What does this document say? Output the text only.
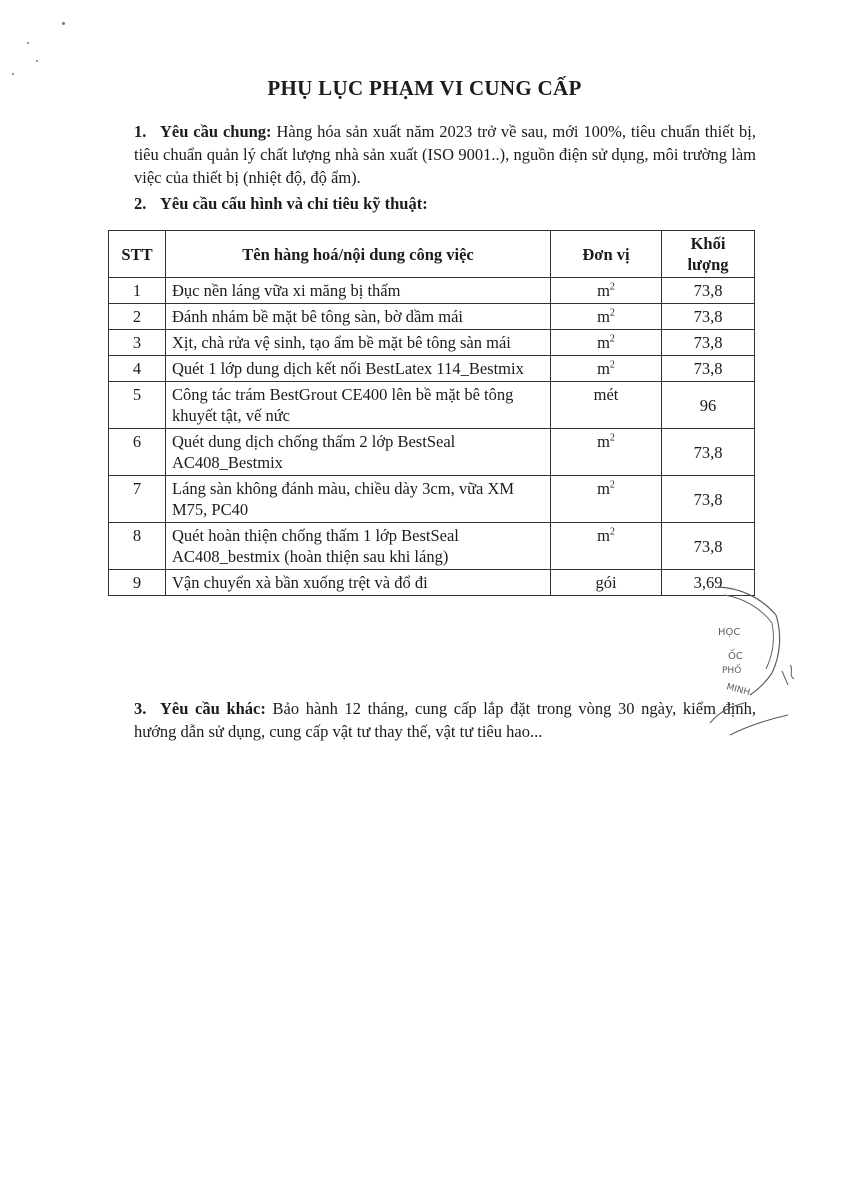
PHỤ LỤC PHẠM VI CUNG CẤP
1. Yêu cầu chung: Hàng hóa sản xuất năm 2023 trở về sau, mới 100%, tiêu chuẩn thiết bị, tiêu chuẩn quản lý chất lượng nhà sản xuất (ISO 9001..), nguồn điện sử dụng, môi trường làm việc của thiết bị (nhiệt độ, độ ẩm).
2. Yêu cầu cấu hình và chỉ tiêu kỹ thuật:
STT	Tên hàng hoá/nội dung công việc	Đơn vị	Khối lượng
1	Đục nền láng vữa xi măng bị thấm	$m^2$	73,8
2	Đánh nhám bề mặt bê tông sàn, bờ dầm mái	$m^2$	73,8
3	Xịt, chà rửa vệ sinh, tạo ẩm bề mặt bê tông sàn mái	$m^2$	73,8
4	Quét 1 lớp dung dịch kết nối BestLatex 114_Bestmix	$m^2$	73,8
5	Công tác trám BestGrout CE400 lên bề mặt bê tông khuyết tật, vế nức	mét	96
6	Quét dung dịch chống thấm 2 lớp BestSeal AC408_Bestmix	$m^2$	73,8
7	Láng sàn không đánh màu, chiều dày 3cm, vữa XM M75, PC40	$m^2$	73,8
8	Quét hoàn thiện chống thấm 1 lớp BestSeal AC408_bestmix (hoàn thiện sau khi láng)	$m^2$	73,8
9	Vận chuyển xà bần xuống trệt và đổ đi	gói	3,69
3. Yêu cầu khác: Bảo hành 12 tháng, cung cấp lắp đặt trong vòng 30 ngày, kiểm định, hướng dẫn sử dụng, cung cấp vật tư thay thế, vật tư tiêu hao...
HỌC
ỐC
PHỐ
MINH
